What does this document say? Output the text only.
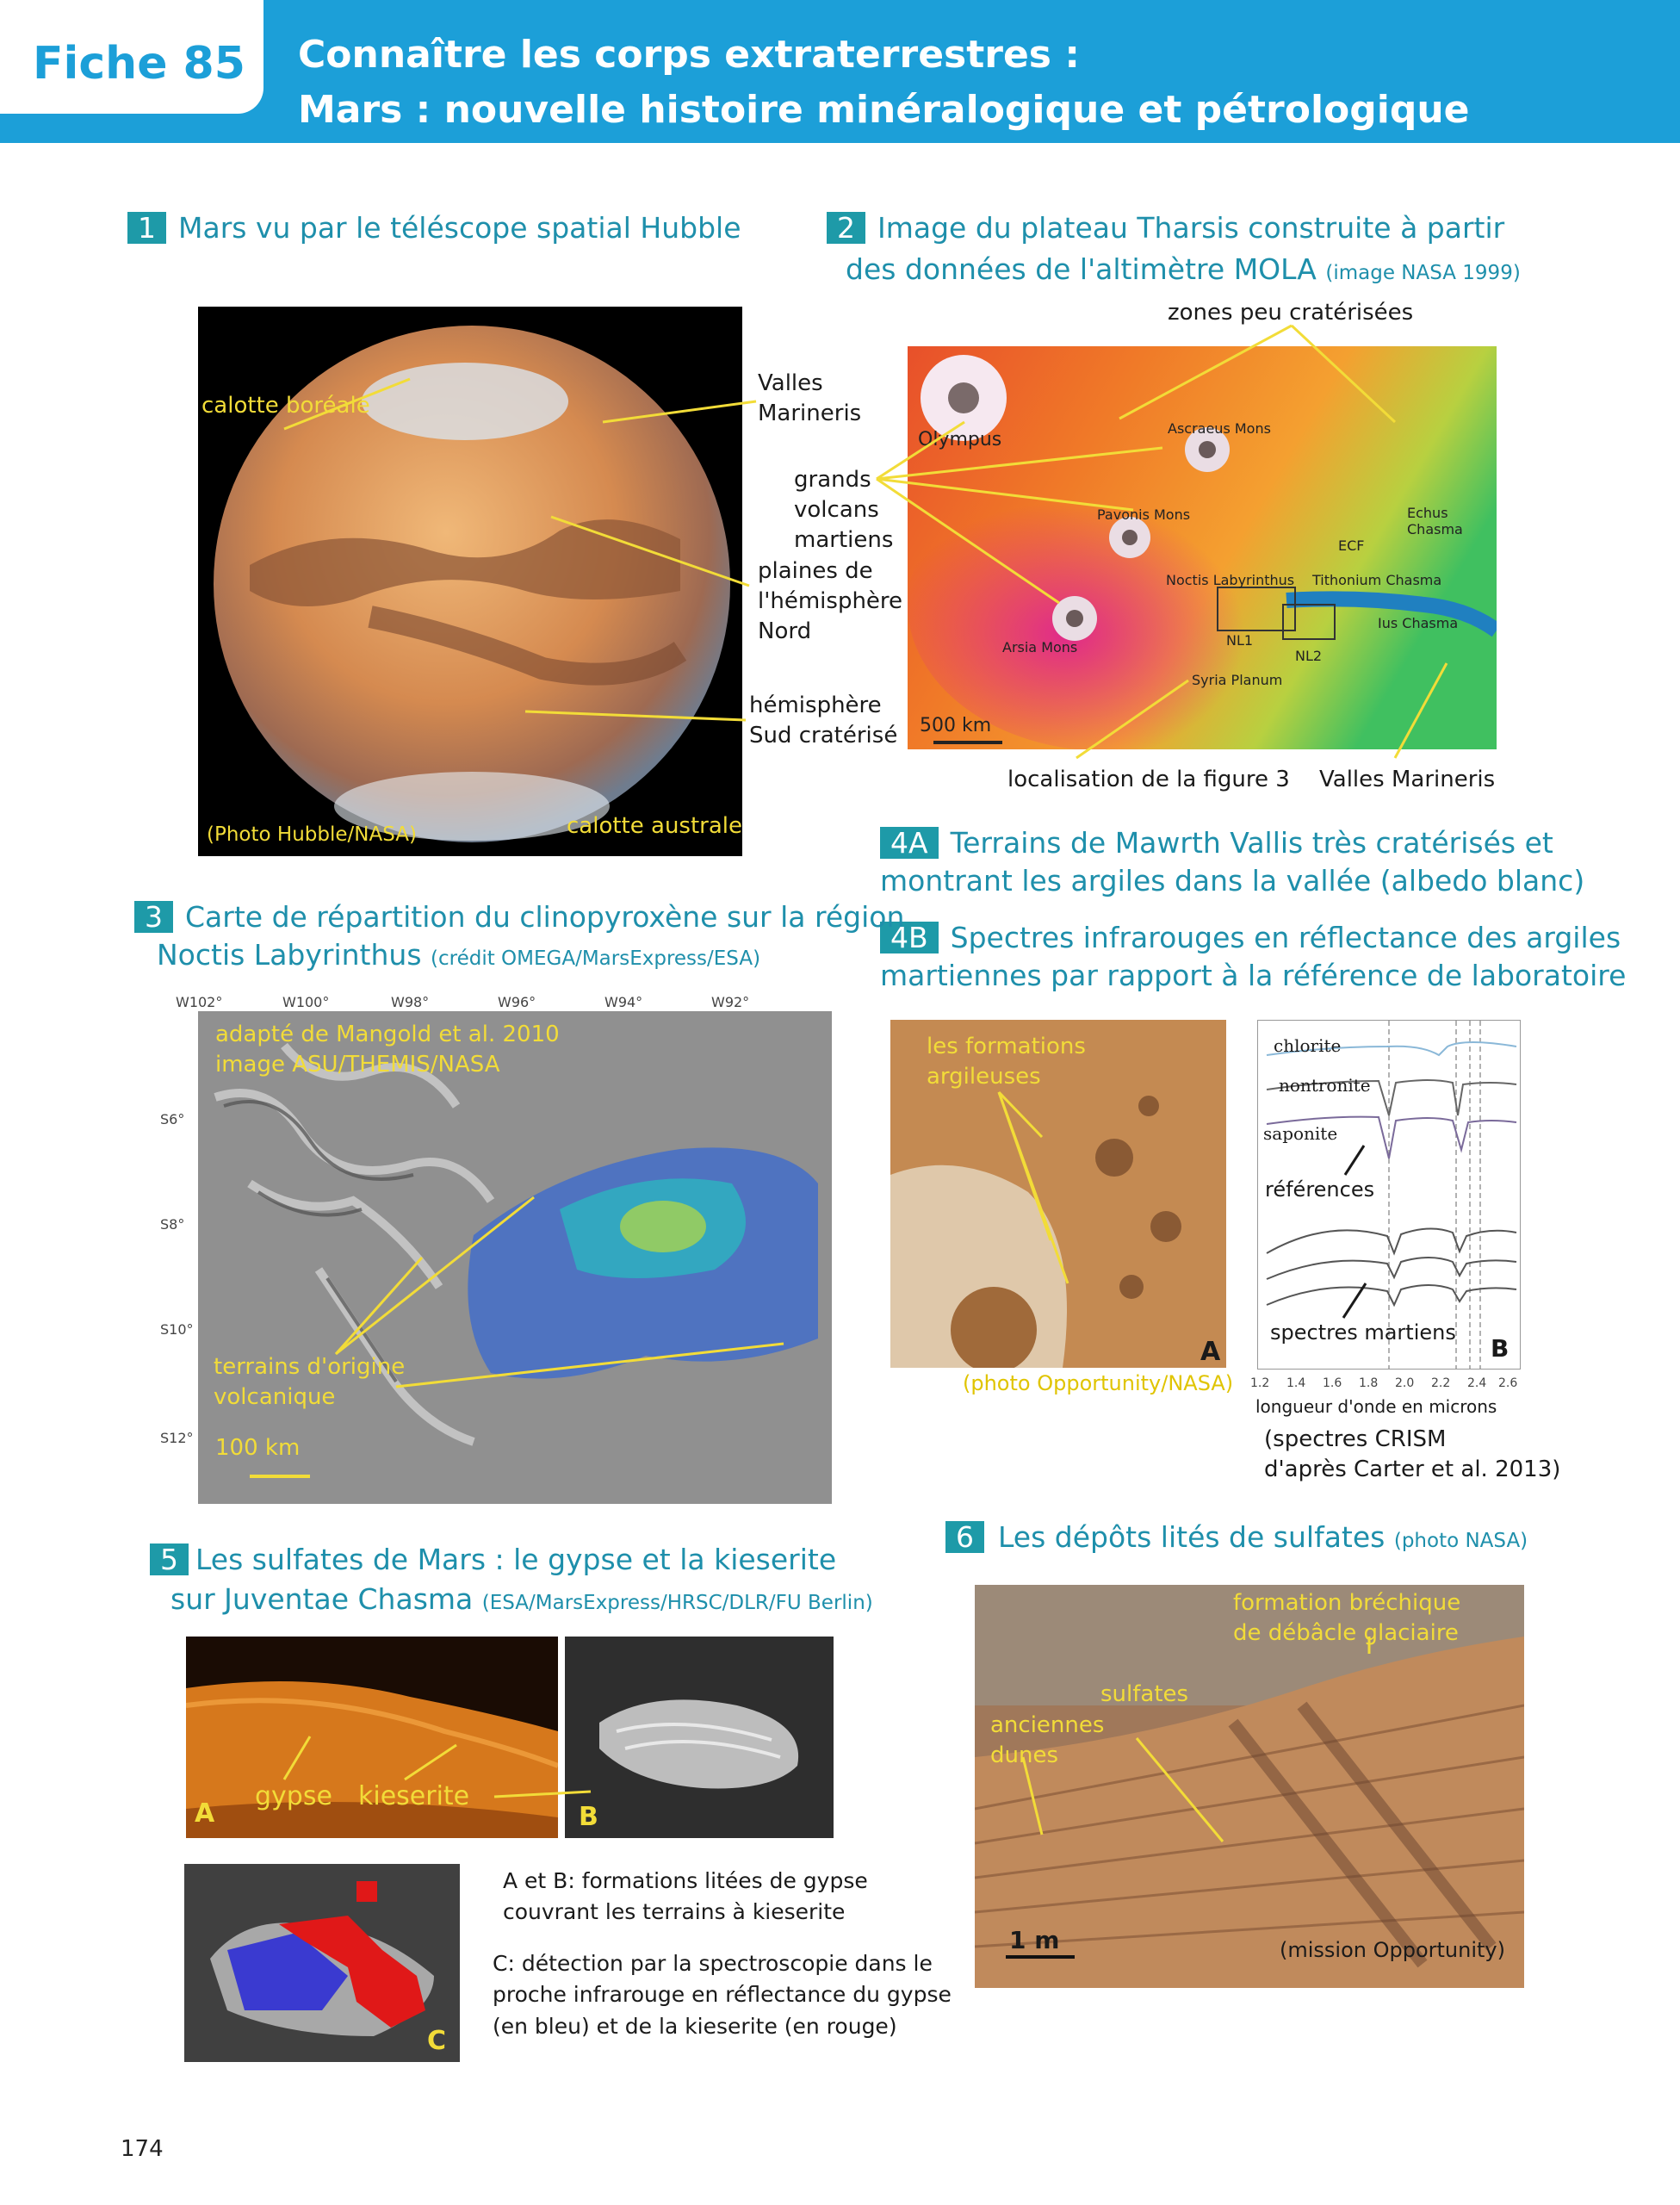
Fiche 85 Connaître les corps extraterrestres :
Mars : nouvelle histoire minéralogique et pétrologique
1 Mars vu par le téléscope spatial Hubble
calotte boréale
(Photo Hubble/NASA)	calotte australe
Valles
Marineris
grands
volcans
martiens
plaines de
l'hémisphère
Nord
hémisphère
Sud cratérisé
2 Image du plateau Tharsis construite à partir
des données de l'altimètre MOLA (image NASA 1999)
zones peu cratérisées
Olympus
Ascraeus Mons
Pavonis Mons
Arsia Mons
Noctis Labyrinthus Tithonium Chasma
Ius Chasma
Echus Chasma
ECF
NL1
NL2
Syria Planum
500 km
localisation de la figure 3 Valles Marineris
4A Terrains de Mawrth Vallis très cratérisés et
montrant les argiles dans la vallée (albedo blanc)
4B Spectres infrarouges en réflectance des argiles
martiennes par rapport à la référence de laboratoire
3 Carte de répartition du clinopyroxène sur la région
Noctis Labyrinthus (crédit OMEGA/MarsExpress/ESA)
W102°	W100°	W98°	W96°	W94°	W92°
S6°
S8°
S10°
S12°
adapté de Mangold et al. 2010
image ASU/THEMIS/NASA
terrains d'origine
volcanique
100 km
les formations
argileuses
A
(photo Opportunity/NASA)
chlorite
nontronite
saponite
références
spectres martiens
B
1.2 1.4 1.6 1.8 2.0 2.2 2.4 2.6
longueur d'onde en microns
(spectres CRISM
d'après Carter et al. 2013)
5 Les sulfates de Mars : le gypse et la kieserite
sur Juventae Chasma (ESA/MarsExpress/HRSC/DLR/FU Berlin)
A
gypse kieserite
B
C
A et B: formations litées de gypse
couvrant les terrains à kieserite
C: détection par la spectroscopie dans le
proche infrarouge en réflectance du gypse
(en bleu) et de la kieserite (en rouge)
6 Les dépôts lités de sulfates (photo NASA)
formation bréchique
de débâcle glaciaire
sulfates
anciennes
dunes
1 m	(mission Opportunity)
174
